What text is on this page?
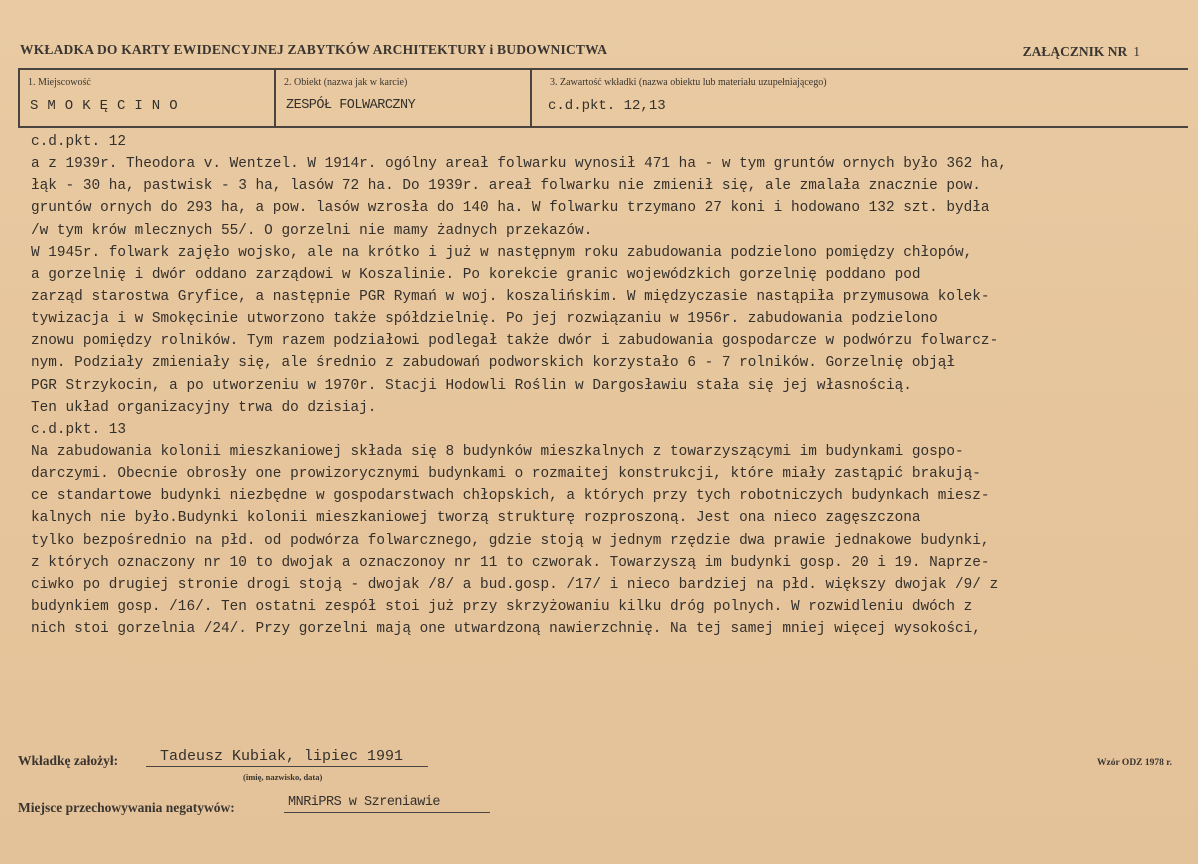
WKŁADKA DO KARTY EWIDENCYJNEJ ZABYTKÓW ARCHITEKTURY i BUDOWNICTWA	ZAŁĄCZNIK NR 1
1. Miejscowość
SMOKĘCINO
2. Obiekt (nazwa jak w karcie)
ZESPÓŁ FOLWARCZNY
3. Zawartość wkładki (nazwa obiektu lub materiału uzupełniającego)
c.d.pkt. 12,13
c.d.pkt. 12
a z 1939r. Theodora v. Wentzel. W 1914r. ogólny areał folwarku wynosił 471 ha - w tym gruntów ornych było 362 ha,
łąk - 30 ha, pastwisk - 3 ha, lasów 72 ha. Do 1939r. areał folwarku nie zmienił się, ale zmalała znacznie pow.
gruntów ornych do 293 ha, a pow. lasów wzrosła do 140 ha. W folwarku trzymano 27 koni i hodowano 132 szt. bydła
/w tym krów mlecznych 55/. O gorzelni nie mamy żadnych przekazów.
W 1945r. folwark zajęło wojsko, ale na krótko i już w następnym roku zabudowania podzielono pomiędzy chłopów,
a gorzelnię i dwór oddano zarządowi w Koszalinie. Po korekcie granic wojewódzkich gorzelnię poddano pod
zarząd starostwa Gryfice, a następnie PGR Rymań w woj. koszalińskim. W międzyczasie nastąpiła przymusowa kolek-
tywizacja i w Smokęcinie utworzono także spółdzielnię. Po jej rozwiązaniu w 1956r. zabudowania podzielono
znowu pomiędzy rolników. Tym razem podziałowi podlegał także dwór i zabudowania gospodarcze w podwórzu folwarcz-
nym. Podziały zmieniały się, ale średnio z zabudowań podworskich korzystało 6 - 7 rolników. Gorzelnię objął
PGR Strzykocin, a po utworzeniu w 1970r. Stacji Hodowli Roślin w Dargosławiu stała się jej własnością.
Ten układ organizacyjny trwa do dzisiaj.
c.d.pkt. 13
Na zabudowania kolonii mieszkaniowej składa się 8 budynków mieszkalnych z towarzyszącymi im budynkami gospo-
darczymi. Obecnie obrosły one prowizorycznymi budynkami o rozmaitej konstrukcji, które miały zastąpić brakują-
ce standartowe budynki niezbędne w gospodarstwach chłopskich, a których przy tych robotniczych budynkach miesz-
kalnych nie było.Budynki kolonii mieszkaniowej tworzą strukturę rozproszoną. Jest ona nieco zagęszczona
tylko bezpośrednio na płd. od podwórza folwarcznego, gdzie stoją w jednym rzędzie dwa prawie jednakowe budynki,
z których oznaczony nr 10 to dwojak a oznaczonoy nr 11 to czworak. Towarzyszą im budynki gosp. 20 i 19. Naprze-
ciwko po drugiej stronie drogi stoją - dwojak /8/ a bud.gosp. /17/ i nieco bardziej na płd. większy dwojak /9/ z
budynkiem gosp. /16/. Ten ostatni zespół stoi już przy skrzyżowaniu kilku dróg polnych. W rozwidleniu dwóch z
nich stoi gorzelnia /24/. Przy gorzelni mają one utwardzoną nawierzchnię. Na tej samej mniej więcej wysokości,
Wkładkę założył:	Tadeusz Kubiak, lipiec 1991
(imię, nazwisko, data)
Wzór ODZ 1978 r.
Miejsce przechowywania negatywów:	MNRiPRS w Szreniawie
